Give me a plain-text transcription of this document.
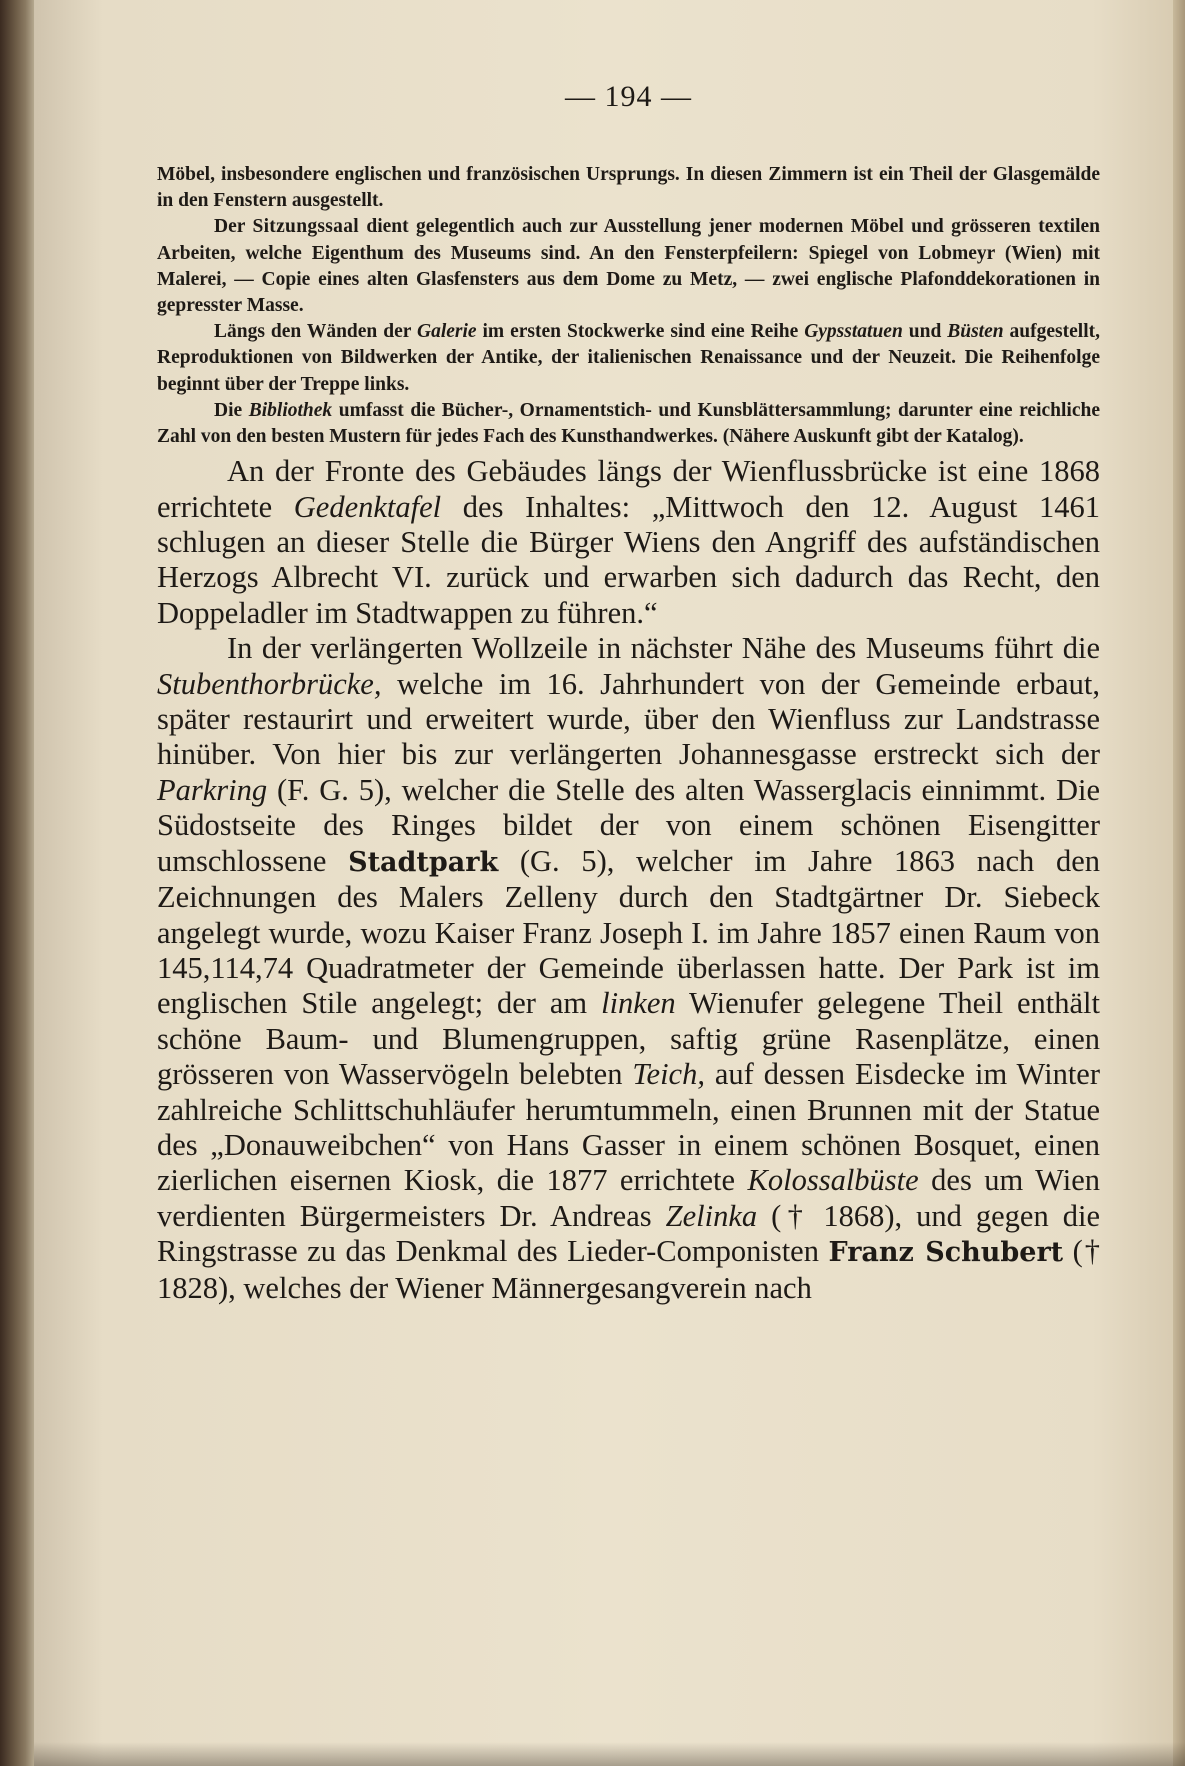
— 194 —

Möbel, insbesondere englischen und französischen Ursprungs. In diesen Zimmern ist ein Theil der Glasgemälde in den Fenstern ausgestellt.

Der Sitzungssaal dient gelegentlich auch zur Ausstellung jener modernen Möbel und grösseren textilen Arbeiten, welche Eigenthum des Museums sind. An den Fensterpfeilern: Spiegel von Lobmeyr (Wien) mit Malerei, — Copie eines alten Glasfensters aus dem Dome zu Metz, — zwei englische Plafonddekorationen in gepresster Masse.

Längs den Wänden der Galerie im ersten Stockwerke sind eine Reihe Gypsstatuen und Büsten aufgestellt, Reproduktionen von Bildwerken der Antike, der italienischen Renaissance und der Neuzeit. Die Reihenfolge beginnt über der Treppe links.

Die Bibliothek umfasst die Bücher-, Ornamentstich- und Kunsblättersammlung; darunter eine reichliche Zahl von den besten Mustern für jedes Fach des Kunsthandwerkes. (Nähere Auskunft gibt der Katalog).

An der Fronte des Gebäudes längs der Wienflussbrücke ist eine 1868 errichtete Gedenktafel des Inhaltes: „Mittwoch den 12. August 1461 schlugen an dieser Stelle die Bürger Wiens den Angriff des aufständischen Herzogs Albrecht VI. zurück und erwarben sich dadurch das Recht, den Doppeladler im Stadtwappen zu führen.“

In der verlängerten Wollzeile in nächster Nähe des Museums führt die Stubenthorbrücke, welche im 16. Jahrhundert von der Gemeinde erbaut, später restaurirt und erweitert wurde, über den Wienfluss zur Landstrasse hinüber. Von hier bis zur verlängerten Johannesgasse erstreckt sich der Parkring (F. G. 5), welcher die Stelle des alten Wasserglacis einnimmt. Die Südostseite des Ringes bildet der von einem schönen Eisengitter umschlossene Stadtpark (G. 5), welcher im Jahre 1863 nach den Zeichnungen des Malers Zelleny durch den Stadtgärtner Dr. Siebeck angelegt wurde, wozu Kaiser Franz Joseph I. im Jahre 1857 einen Raum von 145,114,74 Quadratmeter der Gemeinde überlassen hatte. Der Park ist im englischen Stile angelegt; der am linken Wienufer gelegene Theil enthält schöne Baum- und Blumengruppen, saftig grüne Rasenplätze, einen grösseren von Wasservögeln belebten Teich, auf dessen Eisdecke im Winter zahlreiche Schlittschuhläufer herumtummeln, einen Brunnen mit der Statue des „Donauweibchen“ von Hans Gasser in einem schönen Bosquet, einen zierlichen eisernen Kiosk, die 1877 errichtete Kolossalbüste des um Wien verdienten Bürgermeisters Dr. Andreas Zelinka († 1868), und gegen die Ringstrasse zu das Denkmal des Lieder-Componisten Franz Schubert († 1828), welches der Wiener Männergesangverein nach
